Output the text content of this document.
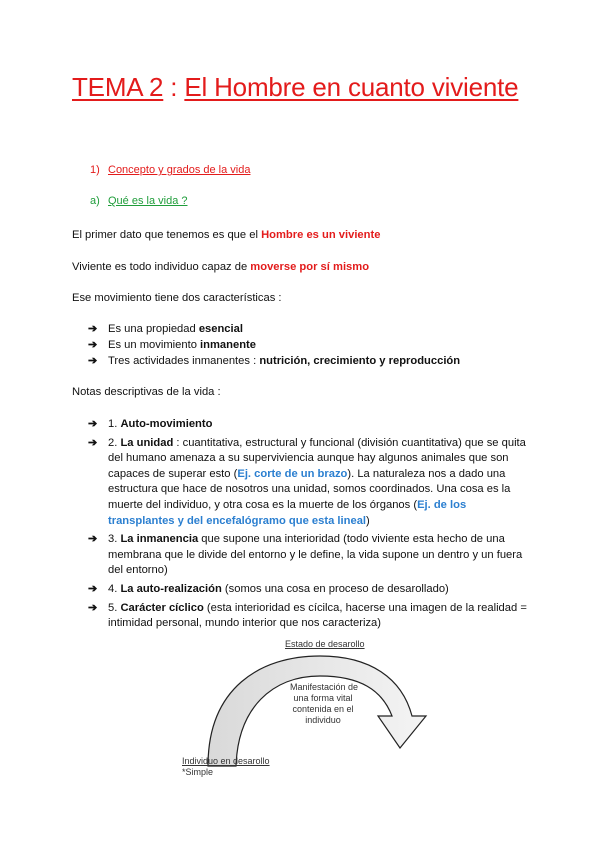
TEMA 2 : El Hombre en cuanto viviente
1) Concepto y grados de la vida
a) Qué es la vida ?
El primer dato que tenemos es que el Hombre es un viviente
Viviente es todo individuo capaz de moverse por sí mismo
Ese movimiento tiene dos características :
➔ Es una propiedad esencial
➔ Es un movimiento inmanente
➔ Tres actividades inmanentes : nutrición, crecimiento y reproducción
Notas descriptivas de la vida :
➔ 1. Auto-movimiento
➔ 2. La unidad : cuantitativa, estructural y funcional (división cuantitativa) que se quita del humano amenaza a su superviviencia aunque hay algunos animales que son capaces de superar esto (Ej. corte de un brazo). La naturaleza nos a dado una estructura que hace de nosotros una unidad, somos coordinados. Una cosa es la muerte del individuo, y otra cosa es la muerte de los órganos (Ej. de los transplantes y del encefalógramo que esta lineal)
➔ 3. La inmanencia que supone una interioridad (todo viviente esta hecho de una membrana que le divide del entorno y le define, la vida supone un dentro y un fuera del entorno)
➔ 4. La auto-realización (somos una cosa en proceso de desarollado)
➔ 5. Carácter cíclico (esta interioridad es cícilca, hacerse una imagen de la realidad = intimidad personal, mundo interior que nos caracteriza)
Estado de desarollo
Manifestación de
una forma vital
contenida en el
individuo
Individuo en desarollo
*Simple
